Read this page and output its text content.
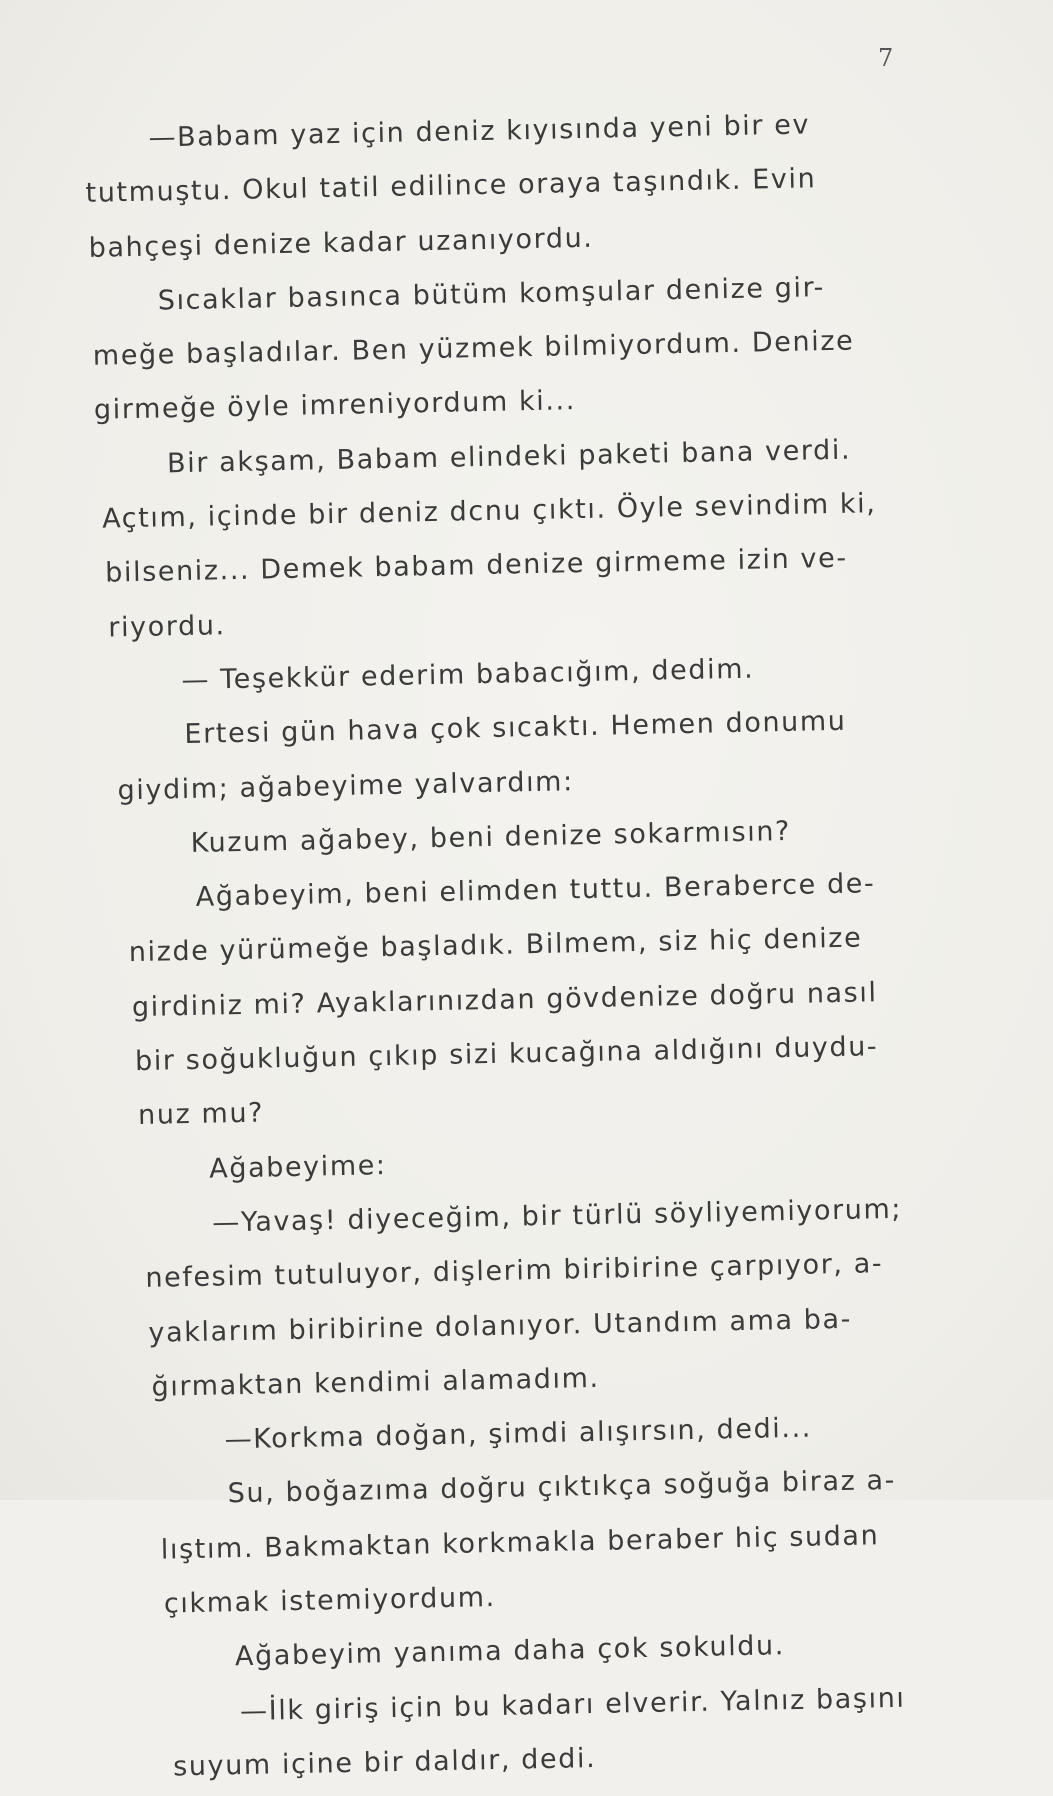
7
—Babam yaz için deniz kıyısında yeni bir ev
tutmuştu. Okul tatil edilince oraya taşındık. Evin
bahçeşi denize kadar uzanıyordu.
Sıcaklar basınca bütüm komşular denize gir-
meğe başladılar. Ben yüzmek bilmiyordum. Denize
girmeğe öyle imreniyordum ki...
Bir akşam, Babam elindeki paketi bana verdi.
Açtım, içinde bir deniz dcnu çıktı. Öyle sevindim ki,
bilseniz... Demek babam denize girmeme izin ve-
riyordu.
— Teşekkür ederim babacığım, dedim.
Ertesi gün hava çok sıcaktı. Hemen donumu
giydim; ağabeyime yalvardım:
Kuzum ağabey, beni denize sokarmısın?
Ağabeyim, beni elimden tuttu. Beraberce de-
nizde yürümeğe başladık. Bilmem, siz hiç denize
girdiniz mi? Ayaklarınızdan gövdenize doğru nasıl
bir soğukluğun çıkıp sizi kucağına aldığını duydu-
nuz mu?
Ağabeyime:
—Yavaş! diyeceğim, bir türlü söyliyemiyorum;
nefesim tutuluyor, dişlerim biribirine çarpıyor, a-
yaklarım biribirine dolanıyor. Utandım ama ba-
ğırmaktan kendimi alamadım.
—Korkma doğan, şimdi alışırsın, dedi...
Su, boğazıma doğru çıktıkça soğuğa biraz a-
lıştım. Bakmaktan korkmakla beraber hiç sudan
çıkmak istemiyordum.
Ağabeyim yanıma daha çok sokuldu.
—İlk giriş için bu kadarı elverir. Yalnız başını
suyum içine bir daldır, dedi.
